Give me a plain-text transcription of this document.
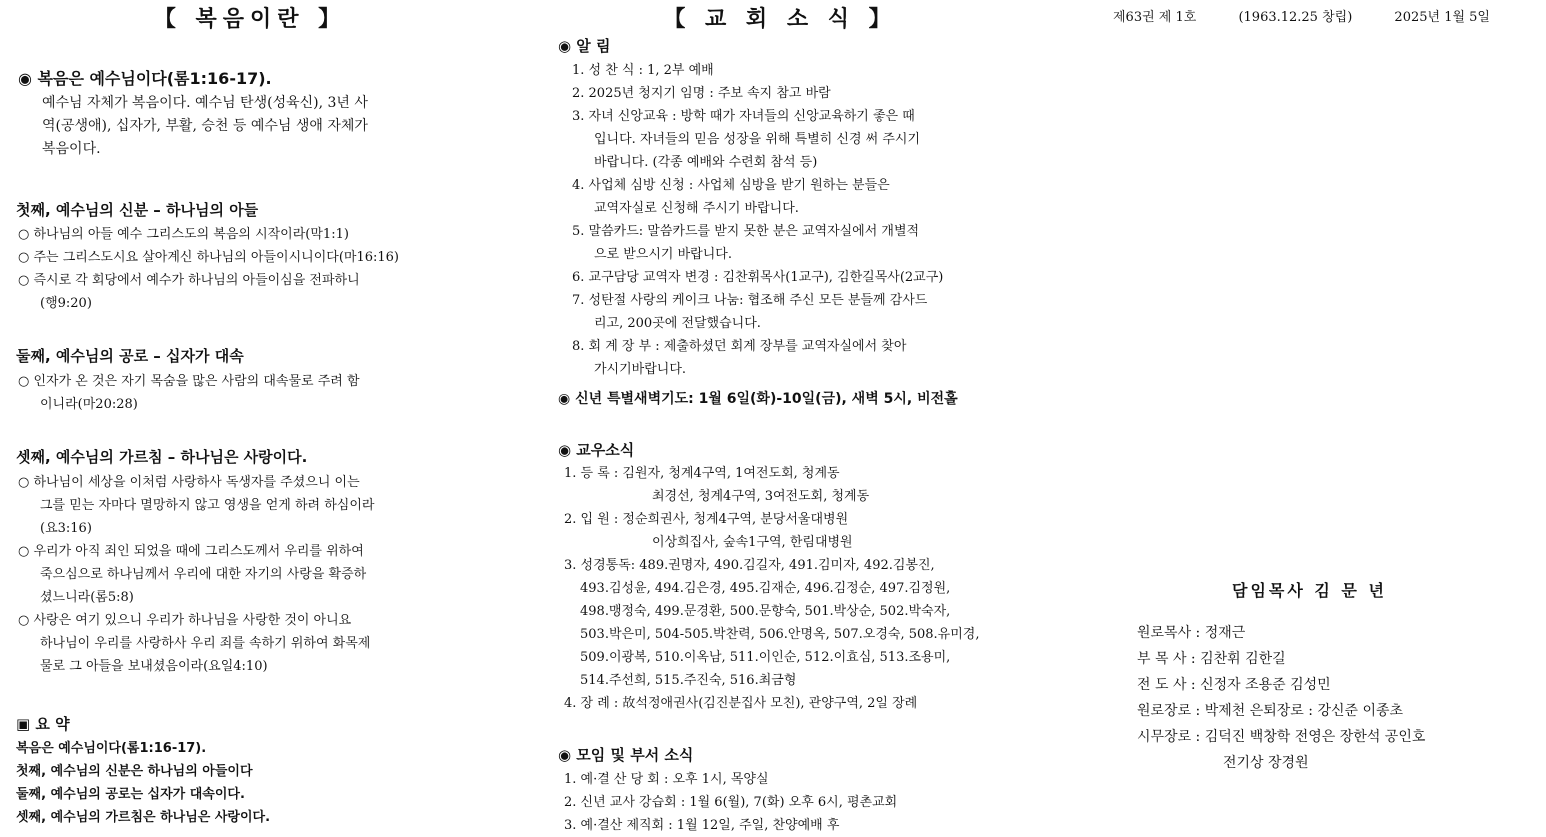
제63권 제 1호	(1963.12.25 창립)	2025년 1월 5일
【 복음이란 】
◉ 복음은 예수님이다(롬1:16-17).
예수님 자체가 복음이다. 예수님 탄생(성육신), 3년 사
역(공생애), 십자가, 부활, 승천 등 예수님 생애 자체가
복음이다.
첫째, 예수님의 신분 – 하나님의 아들
○ 하나님의 아들 예수 그리스도의 복음의 시작이라(막1:1)
○ 주는 그리스도시요 살아계신 하나님의 아들이시니이다(마16:16)
○ 즉시로 각 회당에서 예수가 하나님의 아들이심을 전파하니
(행9:20)
둘째, 예수님의 공로 – 십자가 대속
○ 인자가 온 것은 자기 목숨을 많은 사람의 대속물로 주려 함
이니라(마20:28)
셋째, 예수님의 가르침 – 하나님은 사랑이다.
○ 하나님이 세상을 이처럼 사랑하사 독생자를 주셨으니 이는
그를 믿는 자마다 멸망하지 않고 영생을 얻게 하려 하심이라
(요3:16)
○ 우리가 아직 죄인 되었을 때에 그리스도께서 우리를 위하여
죽으심으로 하나님께서 우리에 대한 자기의 사랑을 확증하
셨느니라(롬5:8)
○ 사랑은 여기 있으니 우리가 하나님을 사랑한 것이 아니요
하나님이 우리를 사랑하사 우리 죄를 속하기 위하여 화목제
물로 그 아들을 보내셨음이라(요일4:10)
▣ 요 약
복음은 예수님이다(롬1:16-17).
첫째, 예수님의 신분은 하나님의 아들이다
둘째, 예수님의 공로는 십자가 대속이다.
셋째, 예수님의 가르침은 하나님은 사랑이다.
【 교 회 소 식 】
◉ 알 림
1. 성 찬 식 : 1, 2부 예배
2. 2025년 청지기 임명 : 주보 속지 참고 바람
3. 자녀 신앙교육 : 방학 때가 자녀들의 신앙교육하기 좋은 때
입니다. 자녀들의 믿음 성장을 위해 특별히 신경 써 주시기
바랍니다. (각종 예배와 수련회 참석 등)
4. 사업체 심방 신청 : 사업체 심방을 받기 원하는 분들은
교역자실로 신청해 주시기 바랍니다.
5. 말씀카드: 말씀카드를 받지 못한 분은 교역자실에서 개별적
으로 받으시기 바랍니다.
6. 교구담당 교역자 변경 : 김찬휘목사(1교구), 김한길목사(2교구)
7. 성탄절 사랑의 케이크 나눔: 협조해 주신 모든 분들께 감사드
리고, 200곳에 전달했습니다.
8. 회 계 장 부 : 제출하셨던 회계 장부를 교역자실에서 찾아
가시기바랍니다.
◉ 신년 특별새벽기도: 1월 6일(화)-10일(금), 새벽 5시, 비전홀
◉ 교우소식
1. 등 록 : 김원자, 청계4구역, 1여전도회, 청계동
최경선, 청계4구역, 3여전도회, 청계동
2. 입 원 : 정순희권사, 청계4구역, 분당서울대병원
이상희집사, 숲속1구역, 한림대병원
3. 성경통독: 489.권명자, 490.김길자, 491.김미자, 492.김봉진,
493.김성윤, 494.김은경, 495.김재순, 496.김정순, 497.김정원,
498.맹정숙, 499.문경환, 500.문향숙, 501.박상순, 502.박숙자,
503.박은미, 504-505.박찬력, 506.안명옥, 507.오경숙, 508.유미경,
509.이광복, 510.이옥남, 511.이인순, 512.이효심, 513.조용미,
514.주선희, 515.주진숙, 516.최금형
4. 장 례 : 故석정애권사(김진분집사 모친), 관양구역, 2일 장례
◉ 모임 및 부서 소식
1. 예·결 산 당 회 : 오후 1시, 목양실
2. 신년 교사 강습회 : 1월 6(월), 7(화) 오후 6시, 평촌교회
3. 예·결산 제직회 : 1월 12일, 주일, 찬양예배 후
담임목사 김 문 년
원로목사 : 정재근
부 목 사 : 김찬휘 김한길
전 도 사 : 신정자 조용준 김성민
원로장로 : 박제천 은퇴장로 : 강신준 이종초
시무장로 : 김덕진 백창학 전영은 장한석 공인호
전기상 장경원
